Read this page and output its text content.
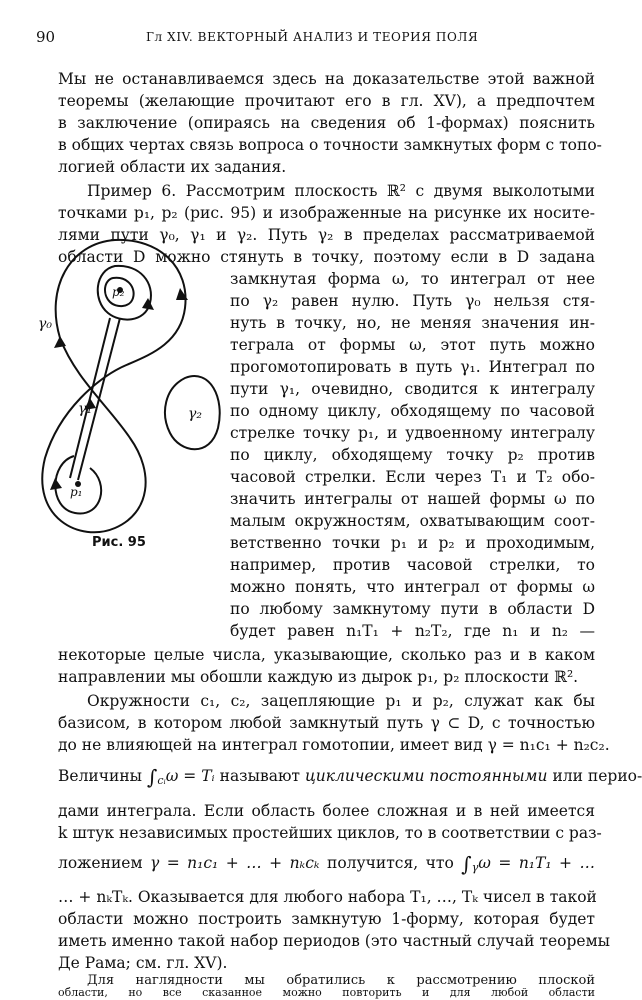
90	Гл XIV. ВЕКТОРНЫЙ АНАЛИЗ И ТЕОРИЯ ПОЛЯ
Мы не останавливаемся здесь на доказательстве этой важной
теоремы (желающие прочитают его в гл. XV), а предпочтем
в заключение (опираясь на сведения об 1-формах) пояснить
в общих чертах связь вопроса о точности замкнутых форм с топо-
логией области их задания.
Пример 6. Рассмотрим плоскость ℝ² с двумя выколотыми
точками p₁, p₂ (рис. 95) и изображенные на рисунке их носите-
лями пути γ₀, γ₁ и γ₂. Путь γ₂ в пределах рассматриваемой
области D можно стянуть в точку, поэтому если в D задана
замкнутая форма ω, то интеграл от нее
по γ₂ равен нулю. Путь γ₀ нельзя стя-
нуть в точку, но, не меняя значения ин-
теграла от формы ω, этот путь можно
прогомотопировать в путь γ₁. Интеграл по
пути γ₁, очевидно, сводится к интегралу
по одному циклу, обходящему по часовой
стрелке точку p₁, и удвоенному интегралу
по циклу, обходящему точку p₂ против
часовой стрелки. Если через T₁ и T₂ обо-
значить интегралы от нашей формы ω по
малым окружностям, охватывающим соот-
ветственно точки p₁ и p₂ и проходимым,
например, против часовой стрелки, то
можно понять, что интеграл от формы ω
по любому замкнутому пути в области D
будет равен n₁T₁ + n₂T₂, где n₁ и n₂ —
некоторые целые числа, указывающие, сколько раз и в каком
направлении мы обошли каждую из дырок p₁, p₂ плоскости ℝ².
Окружности c₁, c₂, зацепляющие p₁ и p₂, служат как бы
базисом, в котором любой замкнутый путь γ ⊂ D, с точностью
до не влияющей на интеграл гомотопии, имеет вид γ = n₁c₁ + n₂c₂.
Величины $\int_{cᵢ}\omega$ = Tᵢ называют циклическими постоянными или перио-
дами интеграла. Если область более сложная и в ней имеется
k штук независимых простейших циклов, то в соответствии с раз-
ложением γ = n₁c₁ + … + nₖcₖ получится, что $\int_\gamma\omega = n_1T_1$ + …
… + nₖTₖ. Оказывается для любого набора T₁, …, Tₖ чисел в такой
области можно построить замкнутую 1-форму, которая будет
иметь именно такой набор периодов (это частный случай теоремы
Де Рама; см. гл. XV).
Для наглядности мы обратились к рассмотрению плоской
области, но все сказанное можно повторить и для любой области
γ₀
γ₁	γ₂
p₁
p₂
Рис. 95
